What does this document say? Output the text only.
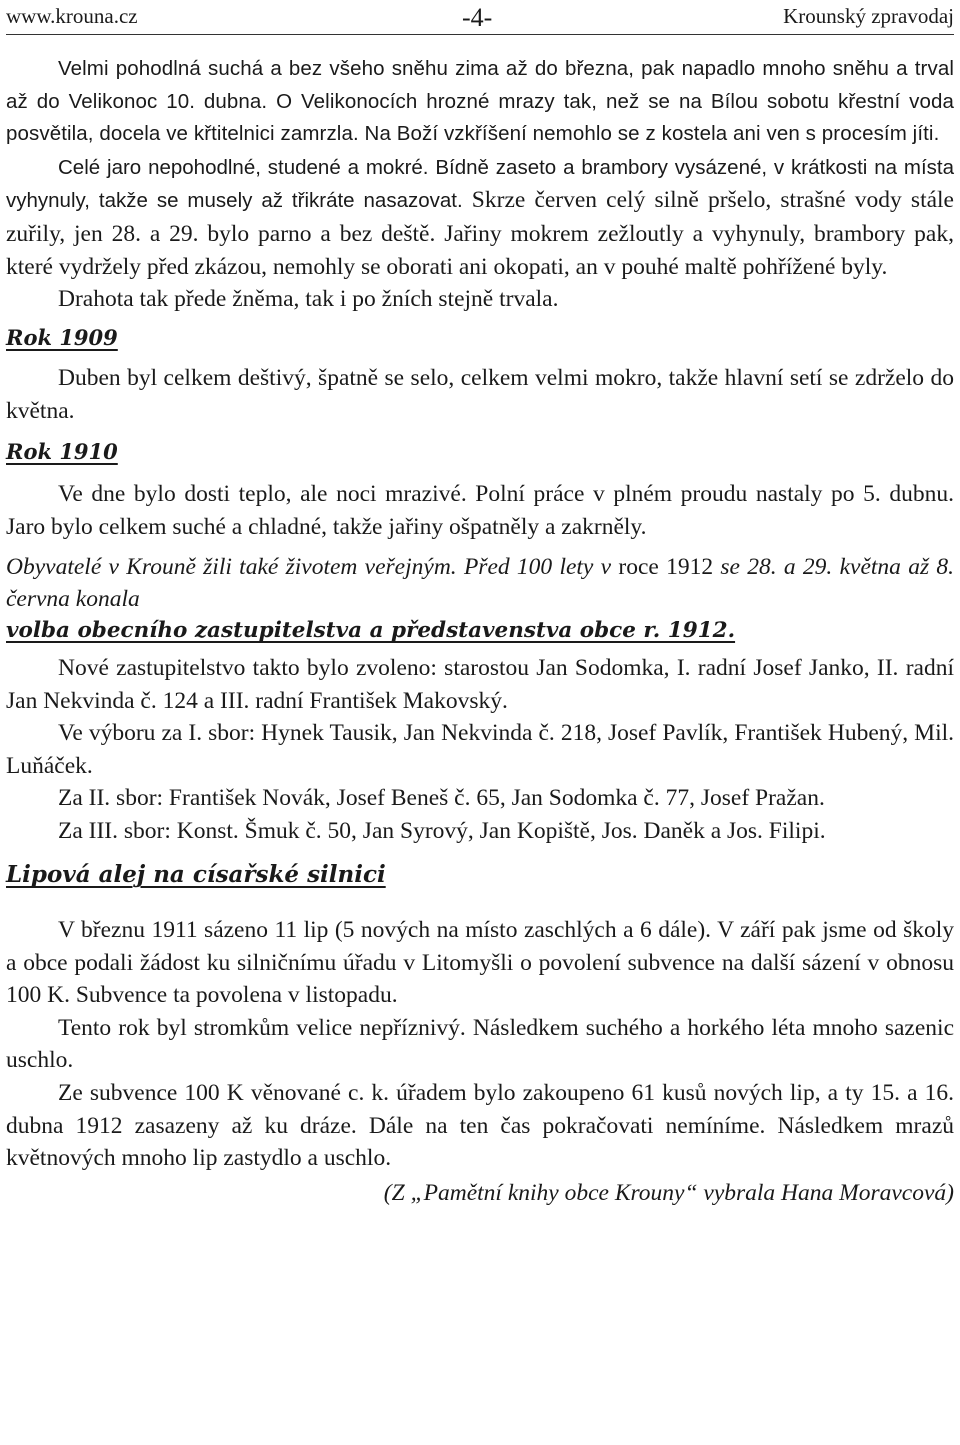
www.krouna.cz	-4-	Krounský zpravodaj

Velmi pohodlná suchá a bez všeho sněhu zima až do března, pak napadlo mnoho sněhu a trval až do Velikonoc 10. dubna. O Velikonocích hrozné mrazy tak, než se na Bílou sobotu křestní voda posvětila, docela ve křtitelnici zamrzla. Na Boží vzkříšení nemohlo se z kostela ani ven s procesím jíti.

Celé jaro nepohodlné, studené a mokré. Bídně zaseto a brambory vysázené, v krátkosti na místa vyhynuly, takže se musely až třikráte nasazovat. Skrze červen celý silně pršelo, strašné vody stále zuřily, jen 28. a 29. bylo parno a bez deště. Jařiny mokrem zežloutly a vyhynuly, brambory pak, které vydržely před zkázou, nemohly se oborati ani okopati, an v pouhé maltě pohřížené byly.

Drahota tak přede žněma, tak i po žních stejně trvala.

Rok 1909

Duben byl celkem deštivý, špatně se selo, celkem velmi mokro, takže hlavní setí se zdrželo do května.

Rok 1910

Ve dne bylo dosti teplo, ale noci mrazivé. Polní práce v plném proudu nastaly po 5. dubnu. Jaro bylo celkem suché a chladné, takže jařiny ošpatněly a zakrněly.

Obyvatelé v Krouně žili také životem veřejným. Před 100 lety v roce 1912 se 28. a 29. května až 8. června konala

volba obecního zastupitelstva a představenstva obce r. 1912.

Nové zastupitelstvo takto bylo zvoleno: starostou Jan Sodomka, I. radní Josef Janko, II. radní Jan Nekvinda č. 124 a III. radní František Makovský.

Ve výboru za I. sbor: Hynek Tausik, Jan Nekvinda č. 218, Josef Pavlík, František Hubený, Mil. Luňáček.

Za II. sbor: František Novák, Josef Beneš č. 65, Jan Sodomka č. 77, Josef Pražan.

Za III. sbor: Konst. Šmuk č. 50, Jan Syrový, Jan Kopiště, Jos. Daněk a Jos. Filipi.

Lipová alej na císařské silnici

V březnu 1911 sázeno 11 lip (5 nových na místo zaschlých a 6 dále). V září pak jsme od školy a obce podali žádost ku silničnímu úřadu v Litomyšli o povolení subvence na další sázení v obnosu 100 K. Subvence ta povolena v listopadu.

Tento rok byl stromkům velice nepříznivý. Následkem suchého a horkého léta mnoho sazenic uschlo.

Ze subvence 100 K věnované c. k. úřadem bylo zakoupeno 61 kusů nových lip, a ty 15. a 16. dubna 1912 zasazeny až ku dráze. Dále na ten čas pokračovati nemíníme. Následkem mrazů květnových mnoho lip zastydlo a uschlo.

(Z „Pamětní knihy obce Krouny“ vybrala Hana Moravcová)
